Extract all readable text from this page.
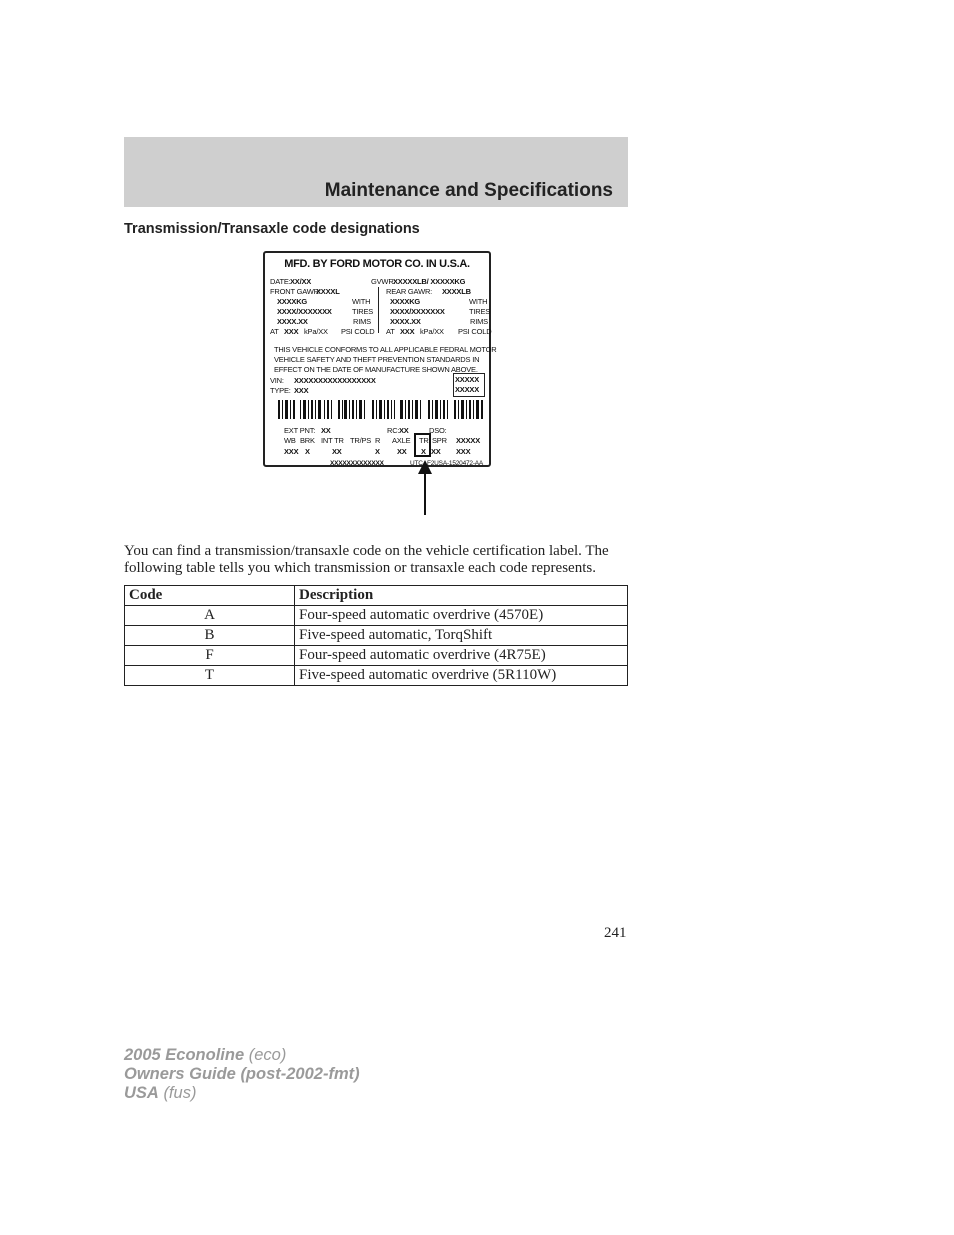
Maintenance and Specifications
Transmission/Transaxle code designations
MFD. BY FORD MOTOR CO. IN U.S.A.
DATE: XX/XX
FRONT GAWR:
XXXXL
XXXXKG	WITH
XXXX/XXXXXXX	TIRES
XXXX.XX	RIMS
AT XXX kPa/XX PSI COLD
GVWR:
XXXXXLB/ XXXXXKG
REAR GAWR: XXXXLB
XXXXKG	WITH
XXXX/XXXXXXX	TIRES
XXXX.XX	RIMS
AT XXX kPa/XX PSI COLD
THIS VEHICLE CONFORMS TO ALL APPLICABLE FEDRAL MOTOR
VEHICLE SAFETY AND THEFT PREVENTION STANDARDS IN
EFFECT ON THE DATE OF MANUFACTURE SHOWN ABOVE.
VIN: XXXXXXXXXXXXXXXXX
TYPE: XXX
XXXXX
XXXXX
EXT PNT: XX	RC: XX	DSO:
WB BRK INT TR TR/PS R AXLE TR SPR XXXXX
XXX X	XX	X XX X XX XXX
XXXXXXXXXXXXX	UTC F2USA-1520472-AA

You can find a transmission/transaxle code on the vehicle certification label. The following table tells you which transmission or transaxle each code represents.

Code	Description
A	Four-speed automatic overdrive (4570E)
B	Five-speed automatic, TorqShift
F	Four-speed automatic overdrive (4R75E)
T	Five-speed automatic overdrive (5R110W)
241
2005 Econoline (eco)
Owners Guide (post-2002-fmt)
USA (fus)
